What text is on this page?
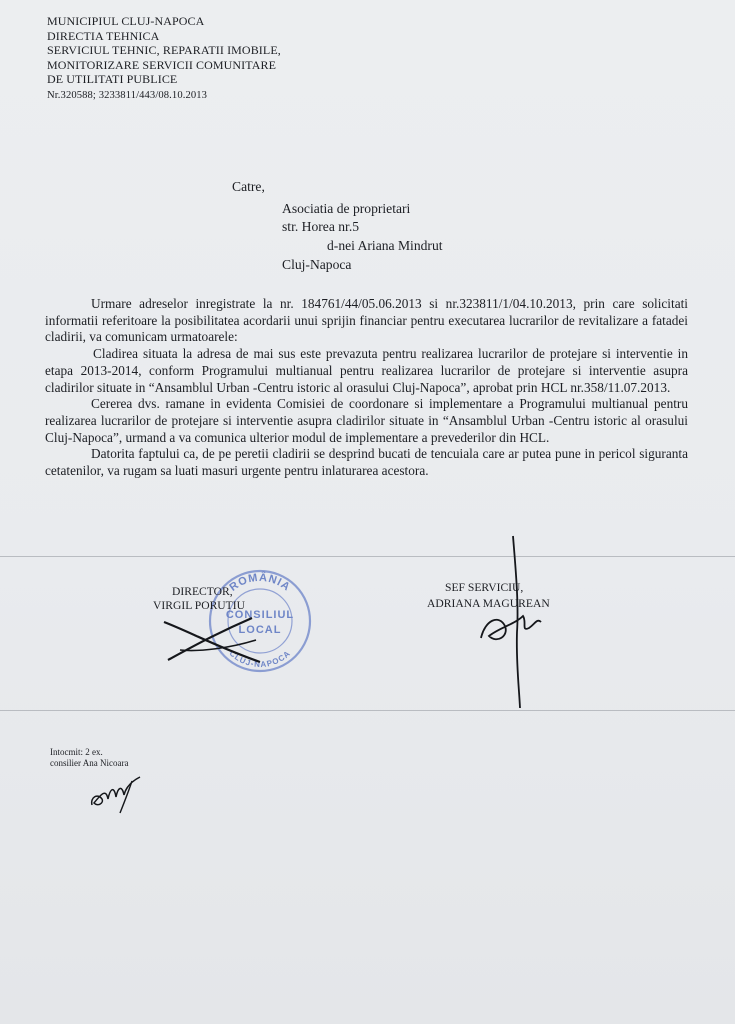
MUNICIPIUL CLUJ-NAPOCA
DIRECTIA TEHNICA
SERVICIUL TEHNIC, REPARATII IMOBILE,
MONITORIZARE SERVICII COMUNITARE
DE UTILITATI PUBLICE
Nr.320588; 3233811/443/08.10.2013
Catre,
Asociatia de proprietari
str. Horea nr.5
d-nei Ariana Mindrut
Cluj-Napoca

Urmare adreselor inregistrate la nr. 184761/44/05.06.2013 si nr.323811/1/04.10.2013, prin care solicitati informatii referitoare la posibilitatea acordarii unui sprijin financiar pentru executarea lucrarilor de revitalizare a fatadei cladirii, va comunicam urmatoarele:

Cladirea situata la adresa de mai sus este prevazuta pentru realizarea lucrarilor de protejare si interventie in etapa 2013-2014, conform Programului multianual pentru realizarea lucrarilor de protejare si interventie asupra cladirilor situate in “Ansamblul Urban -Centru istoric al orasului Cluj-Napoca”, aprobat prin HCL nr.358/11.07.2013.

Cererea dvs. ramane in evidenta Comisiei de coordonare si implementare a Programului multianual pentru realizarea lucrarilor de protejare si interventie asupra cladirilor situate in “Ansamblul Urban -Centru istoric al orasului Cluj-Napoca”, urmand a va comunica ulterior modul de implementare a prevederilor din HCL.

Datorita faptului ca, de pe peretii cladirii se desprind bucati de tencuiala care ar putea pune in pericol siguranta cetatenilor, va rugam sa luati masuri urgente pentru inlaturarea acestora.

ROMÂNIA
CLUJ-NAPOCA
CONSILIUL
LOCAL
DIRECTOR,
VIRGIL PORUTIU
SEF SERVICIU,
ADRIANA MAGUREAN
Intocmit: 2 ex.
consilier Ana Nicoara
